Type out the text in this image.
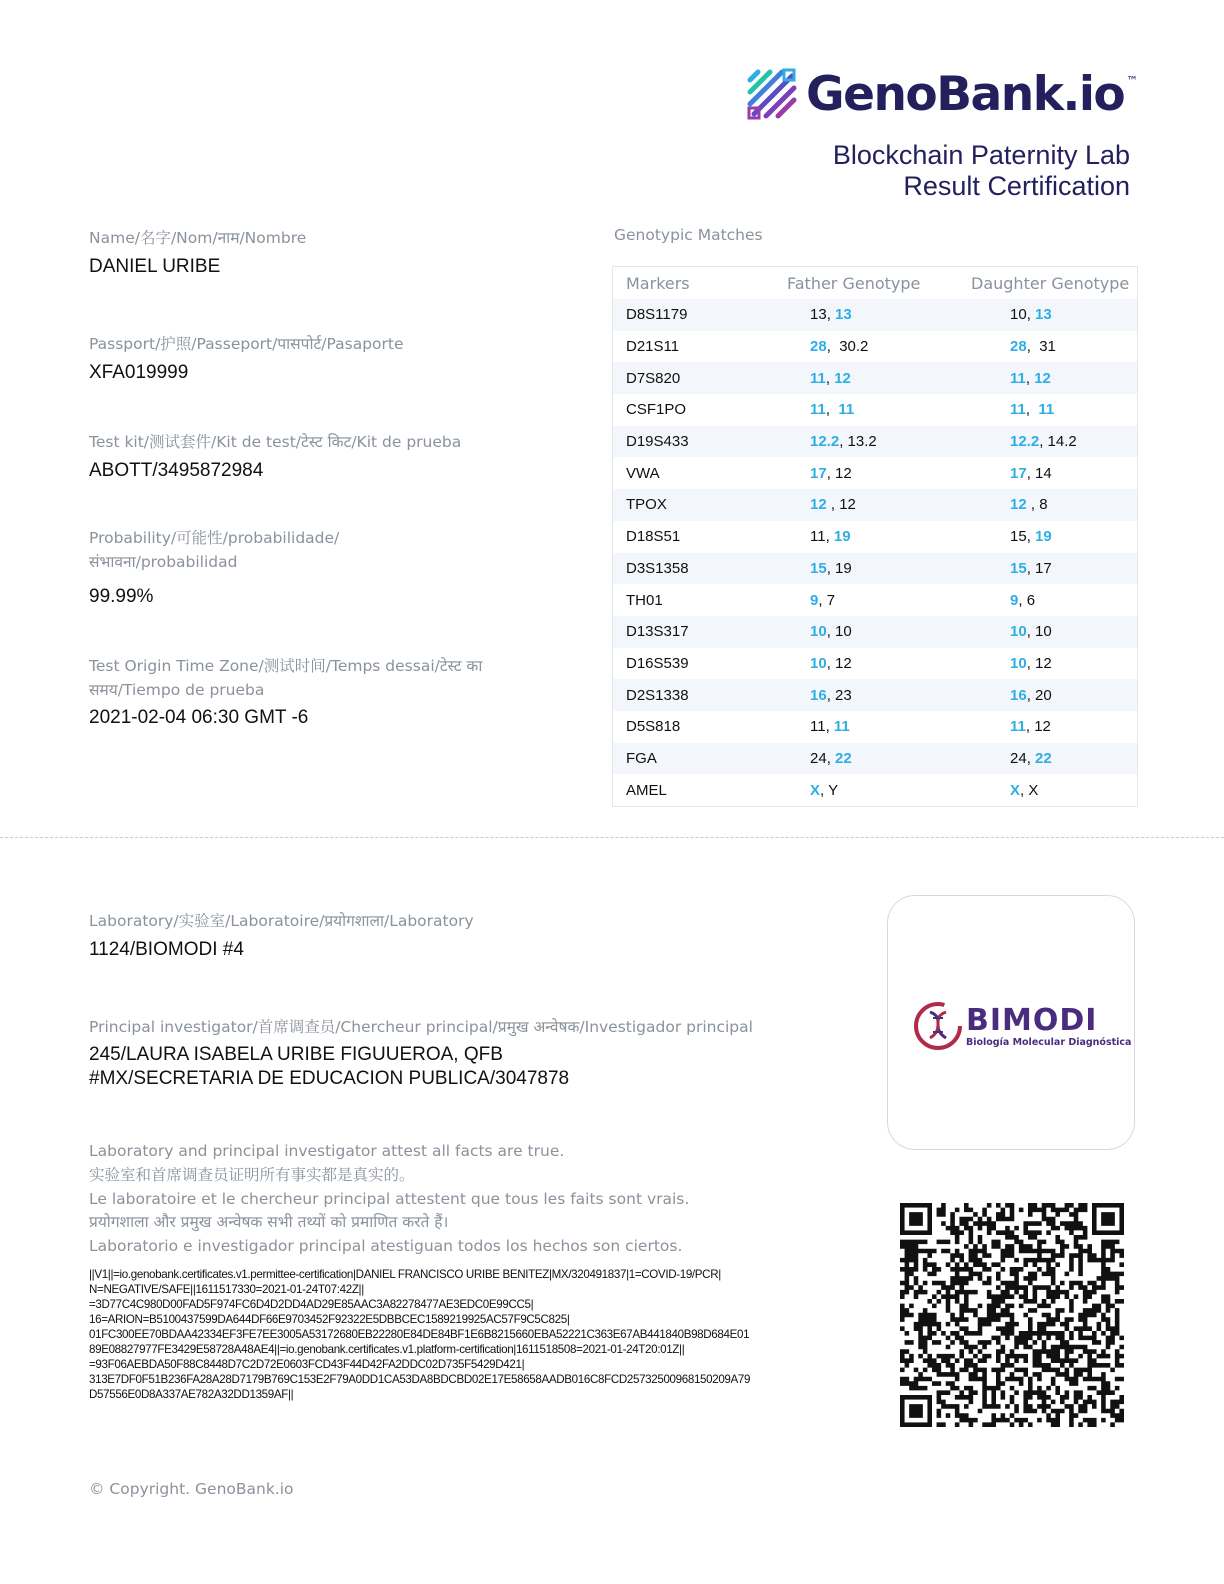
GenoBank.io ™
Blockchain Paternity Lab
Result Certification
Name/名字/Nom/नाम/Nombre
DANIEL URIBE
Passport/护照/Passeport/पासपोर्ट/Pasaporte
XFA019999
Test kit/测试套件/Kit de test/टेस्ट किट/Kit de prueba
ABOTT/3495872984
Probability/可能性/probabilidade/
संभावना/probabilidad
99.99%
Test Origin Time Zone/测试时间/Temps dessai/टेस्ट का
समय/Tiempo de prueba
2021-02-04 06:30 GMT -6
Genotypic Matches
Markers	Father Genotype	Daughter Genotype
D8S1179	13, 13	10, 13
D21S11	28,  30.2	28,  31
D7S820	11, 12	11, 12
CSF1PO	11,  11	11,  11
D19S433	12.2, 13.2	12.2, 14.2
VWA	17, 12	17, 14
TPOX	12 , 12	12 , 8
D18S51	11, 19	15, 19
D3S1358	15, 19	15, 17
TH01	9, 7	9, 6
D13S317	10, 10	10, 10
D16S539	10, 12	10, 12
D2S1338	16, 23	16, 20
D5S818	11, 11	11, 12
FGA	24, 22	24, 22
AMEL	X, Y	X, X
Laboratory/实验室/Laboratoire/प्रयोगशाला/Laboratory
1124/BIOMODI #4
Principal investigator/首席调查员/Chercheur principal/प्रमुख अन्वेषक/Investigador principal
245/LAURA ISABELA URIBE FIGUUEROA, QFB
#MX/SECRETARIA DE EDUCACION PUBLICA/3047878
BIMODI
Biología Molecular Diagnóstica
Laboratory and principal investigator attest all facts are true.
实验室和首席调查员证明所有事实都是真实的。
Le laboratoire et le chercheur principal attestent que tous les faits sont vrais.
प्रयोगशाला और प्रमुख अन्वेषक सभी तथ्यों को प्रमाणित करते हैं।
Laboratorio e investigador principal atestiguan todos los hechos son ciertos.
||V1||=io.genobank.certificates.v1.permittee-certification|DANIEL FRANCISCO URIBE BENITEZ|MX/320491837|1=COVID-19/PCR|
N=NEGATIVE/SAFE||1611517330=2021-01-24T07:42Z||
=3D77C4C980D00FAD5F974FC6D4D2DD4AD29E85AAC3A82278477AE3EDC0E99CC5|
16=ARION=B5100437599DA644DF66E9703452F92322E5DBBCEC1589219925AC57F9C5C825|
01FC300EE70BDAA42334EF3FE7EE3005A53172680EB22280E84DE84BF1E6B8215660EBA52221C363E67AB441840B98D684E01
89E08827977FE3429E58728A48AE4||=io.genobank.certificates.v1.platform-certification|1611518508=2021-01-24T20:01Z||
=93F06AEBDA50F88C8448D7C2D72E0603FCD43F44D42FA2DDC02D735F5429D421|
313E7DF0F51B236FA28A28D7179B769C153E2F79A0DD1CA53DA8BDCBD02E17E58658AADB016C8FCD25732500968150209A79
D57556E0D8A337AE782A32DD1359AF||
© Copyright. GenoBank.io
